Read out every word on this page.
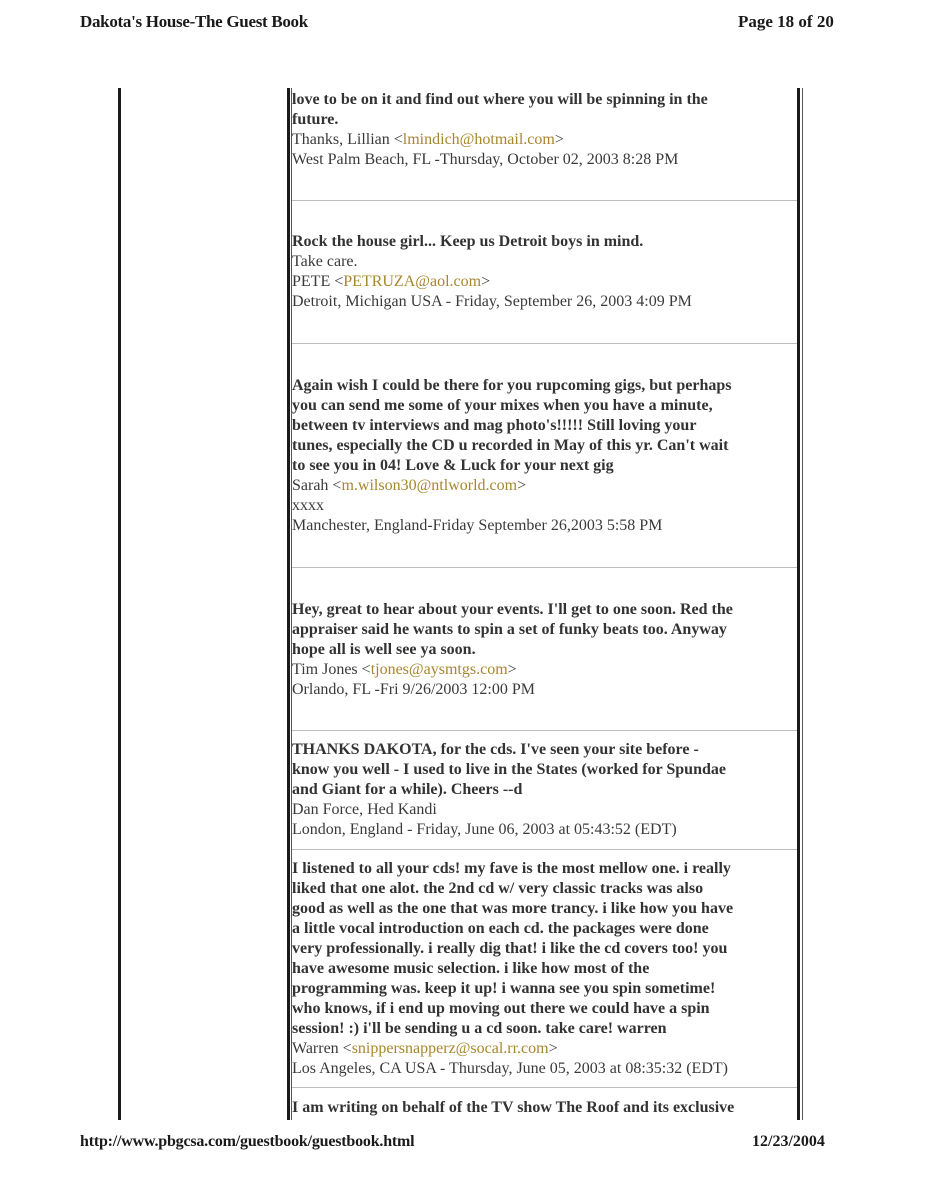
Dakota's House-The Guest Book	Page 18 of 20
love to be on it and find out where you will be spinning in the
future.
Thanks, Lillian <lmindich@hotmail.com>
West Palm Beach, FL -Thursday, October 02, 2003 8:28 PM
Rock the house girl... Keep us Detroit boys in mind.
Take care.
PETE <PETRUZA@aol.com>
Detroit, Michigan USA - Friday, September 26, 2003 4:09 PM
Again wish I could be there for you rupcoming gigs, but perhaps
you can send me some of your mixes when you have a minute,
between tv interviews and mag photo's!!!!! Still loving your
tunes, especially the CD u recorded in May of this yr. Can't wait
to see you in 04! Love & Luck for your next gig
Sarah <m.wilson30@ntlworld.com>
xxxx
Manchester, England-Friday September 26,2003 5:58 PM
Hey, great to hear about your events. I'll get to one soon. Red the
appraiser said he wants to spin a set of funky beats too. Anyway
hope all is well see ya soon.
Tim Jones <tjones@aysmtgs.com>
Orlando, FL -Fri 9/26/2003 12:00 PM
THANKS DAKOTA, for the cds. I've seen your site before -
know you well - I used to live in the States (worked for Spundae
and Giant for a while). Cheers --d
Dan Force, Hed Kandi
London, England - Friday, June 06, 2003 at 05:43:52 (EDT)
I listened to all your cds! my fave is the most mellow one. i really
liked that one alot. the 2nd cd w/ very classic tracks was also
good as well as the one that was more trancy. i like how you have
a little vocal introduction on each cd. the packages were done
very professionally. i really dig that! i like the cd covers too! you
have awesome music selection. i like how most of the
programming was. keep it up! i wanna see you spin sometime!
who knows, if i end up moving out there we could have a spin
session! :) i'll be sending u a cd soon. take care! warren
Warren <snippersnapperz@socal.rr.com>
Los Angeles, CA USA - Thursday, June 05, 2003 at 08:35:32 (EDT)
I am writing on behalf of the TV show The Roof and its exclusive
http://www.pbgcsa.com/guestbook/guestbook.html	12/23/2004
